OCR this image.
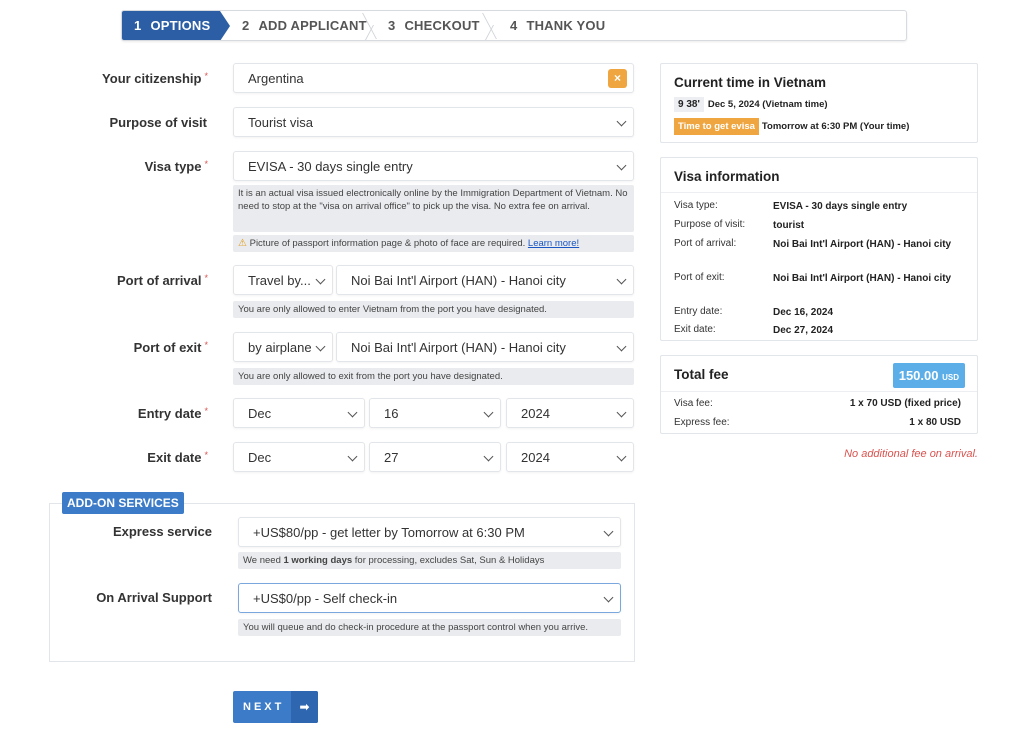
1 OPTIONS 2 ADD APPLICANT 3 CHECKOUT 4 THANK YOU
Your citizenship *	Argentina	×
Purpose of visit	Tourist visa
Visa type *	EVISA - 30 days single entry
It is an actual visa issued electronically online by the Immigration Department of Vietnam. No need to stop at the "visa on arrival office" to pick up the visa. No extra fee on arrival.
⚠ Picture of passport information page & photo of face are required. Learn more!
Port of arrival *	Travel by...	Noi Bai Int'l Airport (HAN) - Hanoi city
You are only allowed to enter Vietnam from the port you have designated.
Port of exit *	by airplane	Noi Bai Int'l Airport (HAN) - Hanoi city
You are only allowed to exit from the port you have designated.
Entry date *	Dec	16	2024
Exit date *	Dec	27	2024
ADD-ON SERVICES
Express service	+US$80/pp - get letter by Tomorrow at 6:30 PM
We need 1 working days for processing, excludes Sat, Sun & Holidays
On Arrival Support	+US$0/pp - Self check-in
You will queue and do check-in procedure at the passport control when you arrive.
NEXT	➡
Current time in Vietnam
9 38' Dec 5, 2024 (Vietnam time)
Time to get evisa Tomorrow at 6:30 PM (Your time)
Visa information
Visa type:	EVISA - 30 days single entry
Purpose of visit:	tourist
Port of arrival:	Noi Bai Int'l Airport (HAN) - Hanoi city
Port of exit:	Noi Bai Int'l Airport (HAN) - Hanoi city
Entry date:	Dec 16, 2024
Exit date:	Dec 27, 2024
Total fee	150.00 USD
Visa fee:	1 x 70 USD (fixed price)
Express fee:	1 x 80 USD
No additional fee on arrival.
